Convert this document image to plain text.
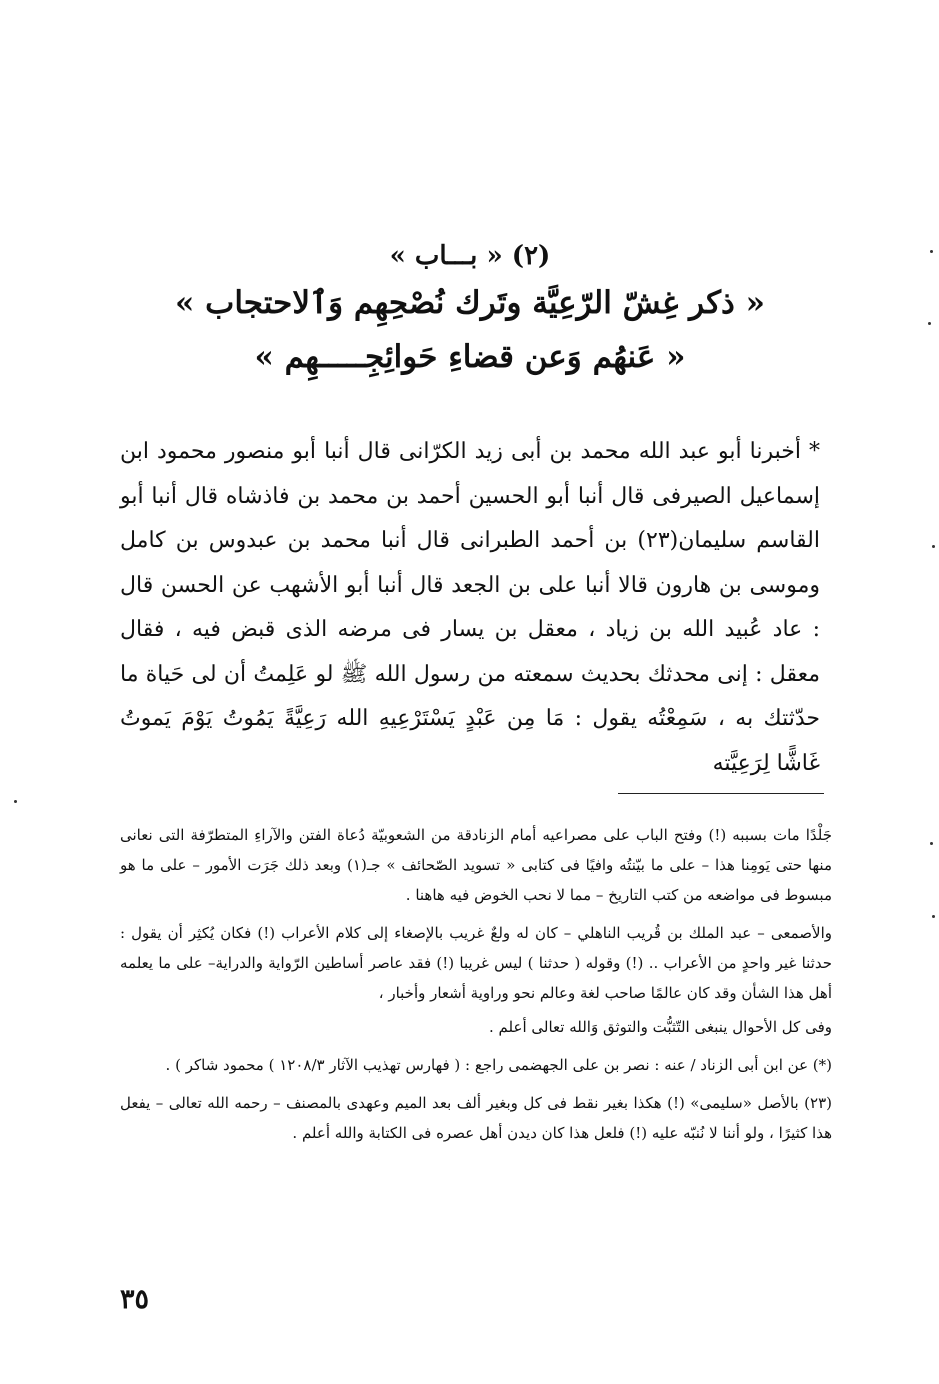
(٢) « بـــاب »

« ذكر غِشّ الرّعِيَّة وتَرك نُصْحِهِم وَٱلاحتجاب »

« عَنهُم وَعن قضاءِ حَوائِجِـــــهِم »

* أخبرنا أبو عبد الله محمد بن أبى زيد الكرّانى قال أنبا أبو منصور محمود ابن إسماعيل الصيرفى قال أنبا أبو الحسين أحمد بن محمد بن فاذشاه قال أنبا أبو القاسم سليمان(٢٣) بن أحمد الطبرانى قال أنبا محمد بن عبدوس بن كامل وموسى بن هارون قالا أنبا على بن الجعد قال أنبا أبو الأشهب عن الحسن قال : عاد عُبيد الله بن زياد ، معقل بن يسار فى مرضه الذى قبض فيه ، فقال معقل : إنى محدثك بحديث سمعته من رسول الله ﷺ لو عَلِمتُ أن لى حَياة ما حدّثتك به ، سَمِعْتُه يقول : مَا مِن عَبْدٍ يَسْتَرْعِيهِ الله رَعِيَّةً يَمُوتُ يَوْمَ يَموتُ غَاشًّا لِرَعِيَّته

جَلْدًا مات بسببه (!) وفتح الباب على مصراعيه أمام الزنادقة من الشعوبيّة دُعاة الفتن والآراءِ المتطرّفة التى نعانى منها حتى يَومِنا هذا – على ما بيّنتُه وافيًا فى كتابى « تسويد الصّحائف » جـ(١) وبعد ذلك جَرَت الأمور – على ما هو مبسوط فى مواضعه من كتب التاريخ – مما لا نحب الخوض فيه هاهنا .

والأصمعى – عبد الملك بن قُريب الناهلي – كان له ولعٌ غريب بالإصغاء إلى كلام الأعراب (!) فكان يُكثِر أن يقول : حدثنا غير واحدٍ من الأعراب .. (!) وقوله ( حدثنا ) ليس غريبا (!) فقد عاصر أساطين الرّواية والدراية– على ما يعلمه أهل هذا الشأن وقد كان عالمًا صاحب لغة وعالم نحو وراوية أشعار وأخبار ،

وفى كل الأحوال ينبغى التّثبُّت والتوثق وَالله تعالى أعلم .

(*) عن ابن أبى الزناد / عنه : نصر بن على الجهضمى راجع : ( فهارس تهذيب الآثار ١٢٠٨/٣ ) محمود شاكر ) .

(٢٣) بالأصل «سليمى» (!) هكذا بغير نقط فى كل وبغير ألف بعد الميم وعهدى بالمصنف – رحمه الله تعالى – يفعل هذا كثيرًا ، ولو أننا لا نُنبّه عليه (!) فلعل هذا كان ديدن أهل عصره فى الكتابة والله أعلم .

٣٥
